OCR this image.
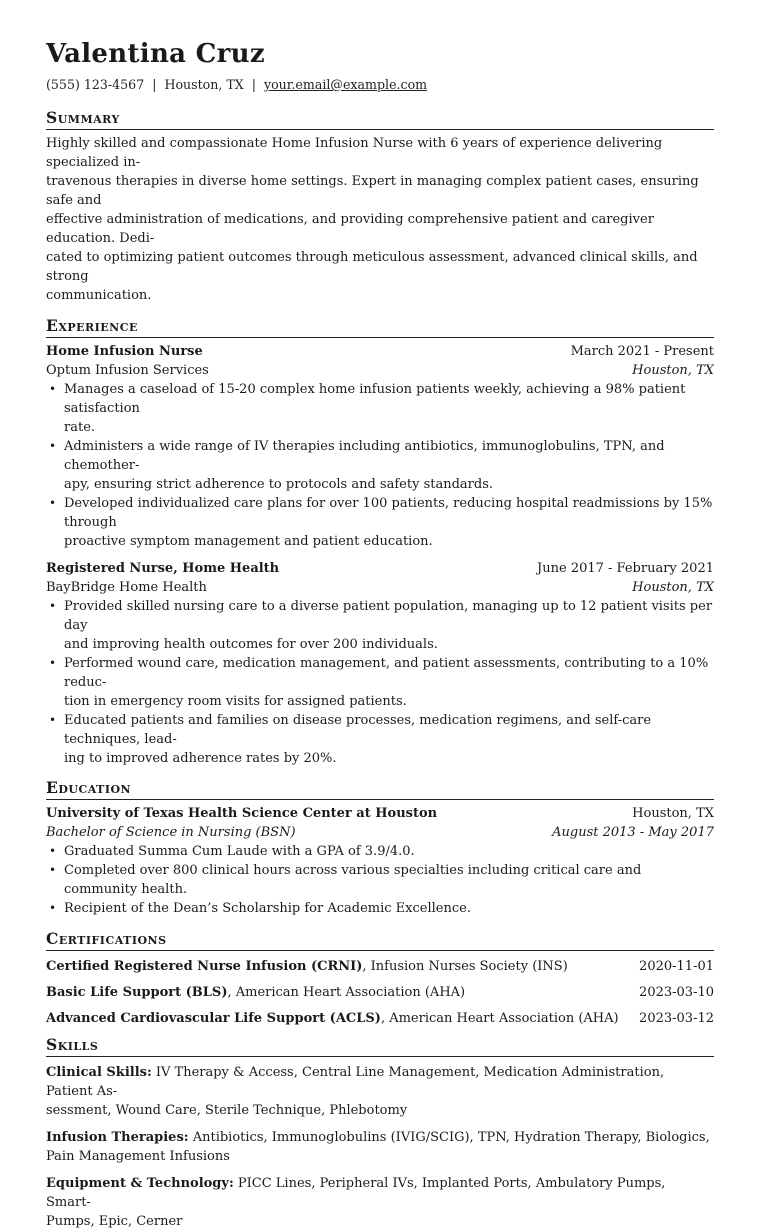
Valentina Cruz
(555) 123-4567 | Houston, TX | your.email@example.com
Summary
Highly skilled and compassionate Home Infusion Nurse with 6 years of experience delivering specialized in-
travenous therapies in diverse home settings. Expert in managing complex patient cases, ensuring safe and
effective administration of medications, and providing comprehensive patient and caregiver education. Dedi-
cated to optimizing patient outcomes through meticulous assessment, advanced clinical skills, and strong
communication.
Experience
Home Infusion Nurse	March 2021 - Present
Optum Infusion Services	Houston, TX
• Manages a caseload of 15-20 complex home infusion patients weekly, achieving a 98% patient satisfaction
rate.
• Administers a wide range of IV therapies including antibiotics, immunoglobulins, TPN, and chemother-
apy, ensuring strict adherence to protocols and safety standards.
• Developed individualized care plans for over 100 patients, reducing hospital readmissions by 15% through
proactive symptom management and patient education.
Registered Nurse, Home Health	June 2017 - February 2021
BayBridge Home Health	Houston, TX
• Provided skilled nursing care to a diverse patient population, managing up to 12 patient visits per day
and improving health outcomes for over 200 individuals.
• Performed wound care, medication management, and patient assessments, contributing to a 10% reduc-
tion in emergency room visits for assigned patients.
• Educated patients and families on disease processes, medication regimens, and self-care techniques, lead-
ing to improved adherence rates by 20%.
Education
University of Texas Health Science Center at Houston	Houston, TX
Bachelor of Science in Nursing (BSN)	August 2013 - May 2017
• Graduated Summa Cum Laude with a GPA of 3.9/4.0.
• Completed over 800 clinical hours across various specialties including critical care and community health.
• Recipient of the Dean’s Scholarship for Academic Excellence.
Certifications
Certified Registered Nurse Infusion (CRNI), Infusion Nurses Society (INS)	2020-11-01
Basic Life Support (BLS), American Heart Association (AHA)	2023-03-10
Advanced Cardiovascular Life Support (ACLS), American Heart Association (AHA) 2023-03-12
Skills
Clinical Skills: IV Therapy & Access, Central Line Management, Medication Administration, Patient As-
sessment, Wound Care, Sterile Technique, Phlebotomy
Infusion Therapies: Antibiotics, Immunoglobulins (IVIG/SCIG), TPN, Hydration Therapy, Biologics,
Pain Management Infusions
Equipment & Technology: PICC Lines, Peripheral IVs, Implanted Ports, Ambulatory Pumps, Smart-
Pumps, Epic, Cerner
